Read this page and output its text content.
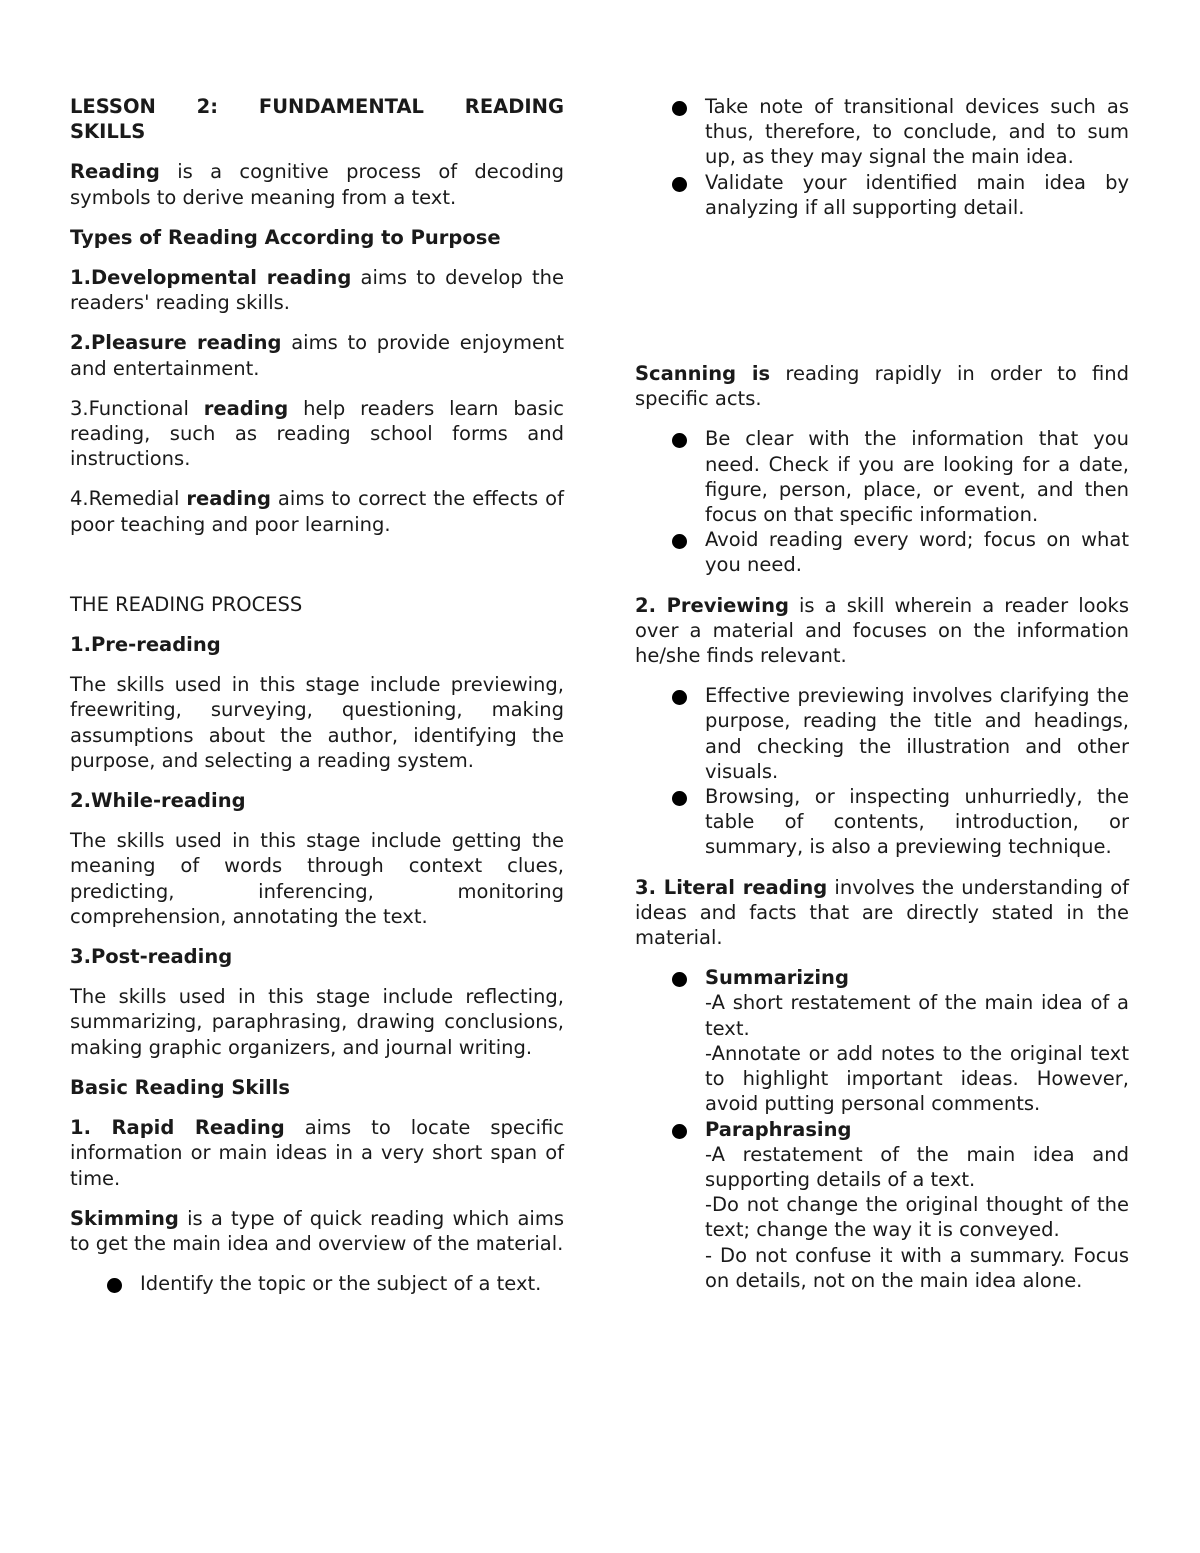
LESSON 2: FUNDAMENTAL READING
SKILLS

Reading is a cognitive process of decoding symbols to derive meaning from a text.

Types of Reading According to Purpose

1.Developmental reading aims to develop the readers' reading skills.

2.Pleasure reading aims to provide enjoyment and entertainment.

3.Functional reading help readers learn basic reading, such as reading school forms and instructions.

4.Remedial reading aims to correct the effects of poor teaching and poor learning.

THE READING PROCESS

1.Pre-reading

The skills used in this stage include previewing, freewriting, surveying, questioning, making assumptions about the author, identifying the purpose, and selecting a reading system.

2.While-reading

The skills used in this stage include getting the meaning of words through context clues, predicting, inferencing, monitoring comprehension, annotating the text.

3.Post-reading

The skills used in this stage include reflecting, summarizing, paraphrasing, drawing conclusions, making graphic organizers, and journal writing.

Basic Reading Skills

1. Rapid Reading aims to locate specific information or main ideas in a very short span of time.

Skimming is a type of quick reading which aims to get the main idea and overview of the material.

Identify the topic or the subject of a text.
Take note of transitional devices such as thus, therefore, to conclude, and to sum up, as they may signal the main idea.
Validate your identified main idea by analyzing if all supporting detail.

Scanning is reading rapidly in order to find specific acts.

Be clear with the information that you need. Check if you are looking for a date, figure, person, place, or event, and then focus on that specific information.
Avoid reading every word; focus on what you need.

2. Previewing is a skill wherein a reader looks over a material and focuses on the information he/she finds relevant.

Effective previewing involves clarifying the purpose, reading the title and headings, and checking the illustration and other visuals.
Browsing, or inspecting unhurriedly, the table of contents, introduction, or summary, is also a previewing technique.

3. Literal reading involves the understanding of ideas and facts that are directly stated in the material.

Summarizing
-A short restatement of the main idea of a text.
-Annotate or add notes to the original text to highlight important ideas. However, avoid putting personal comments.
Paraphrasing
-A restatement of the main idea and supporting details of a text.
-Do not change the original thought of the text; change the way it is conveyed.
- Do not confuse it with a summary. Focus on details, not on the main idea alone.
